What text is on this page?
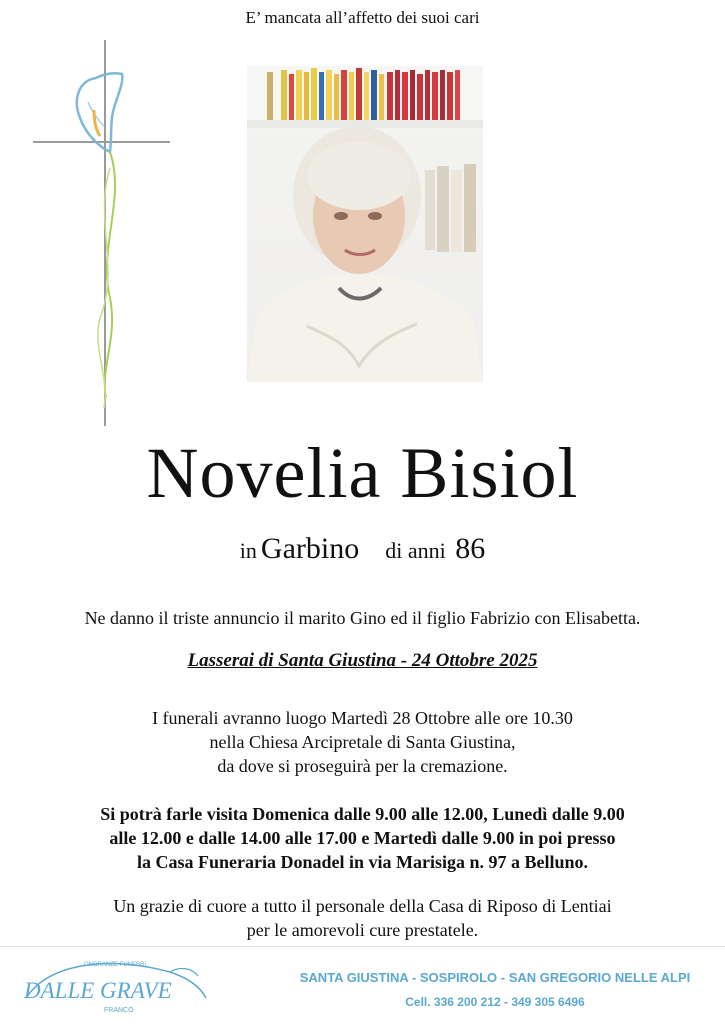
E’ mancata all’affetto dei suoi cari
Novelia Bisiol
in Garbino di anni 86
Ne danno il triste annuncio il marito Gino ed il figlio Fabrizio con Elisabetta.
Lasserai di Santa Giustina - 24 Ottobre 2025
I funerali avranno luogo Martedì 28 Ottobre alle ore 10.30
nella Chiesa Arcipretale di Santa Giustina,
da dove si proseguirà per la cremazione.
Si potrà farle visita Domenica dalle 9.00 alle 12.00, Lunedì dalle 9.00
alle 12.00 e dalle 14.00 alle 17.00 e Martedì dalle 9.00 in poi presso
la Casa Funeraria Donadel in via Marisiga n. 97 a Belluno.
Un grazie di cuore a tutto il personale della Casa di Riposo di Lentiai
per le amorevoli cure prestatele.
ONORANZE FUNEBRI
DALLE GRAVE
FRANCO
SANTA GIUSTINA - SOSPIROLO - SAN GREGORIO NELLE ALPI
Cell. 336 200 212 - 349 305 6496
